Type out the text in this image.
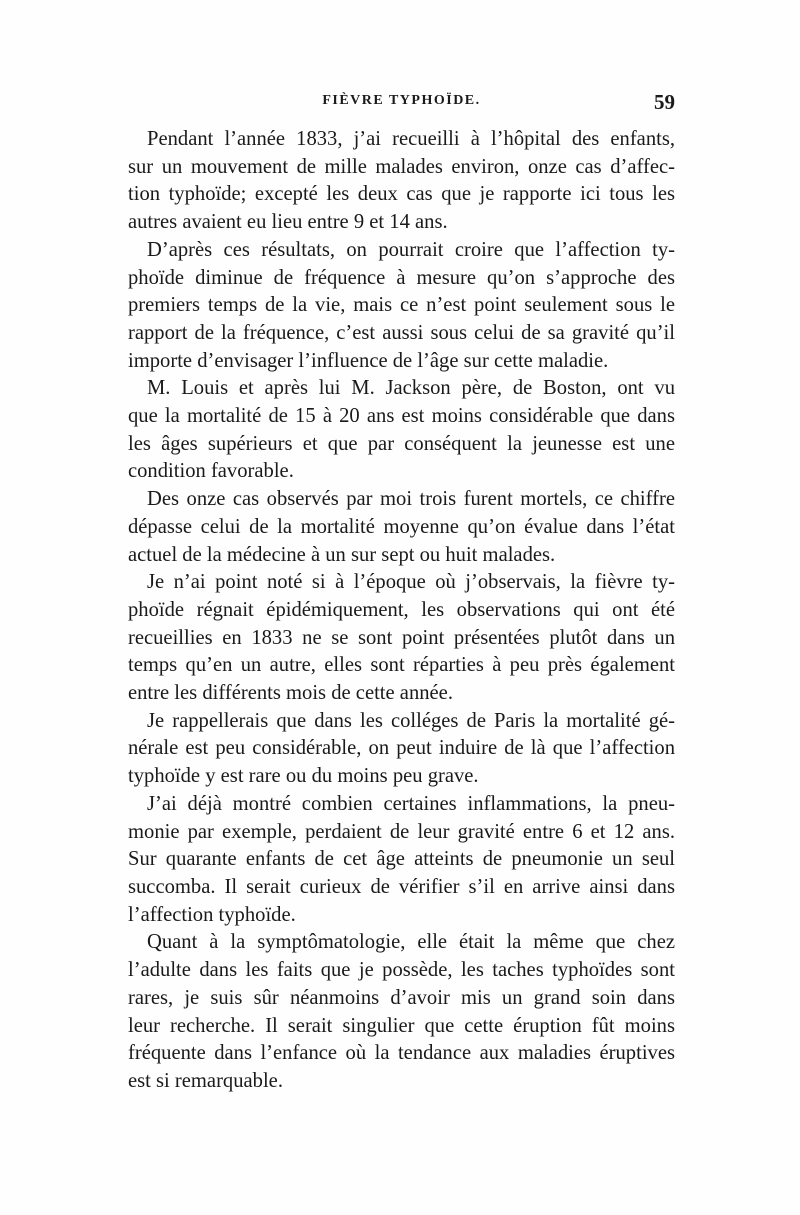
FIÈVRE TYPHOÏDE.	59

Pendant l’année 1833, j’ai recueilli à l’hôpital des enfants,
sur un mouvement de mille malades environ, onze cas d’affec-
tion typhoïde; excepté les deux cas que je rapporte ici tous les
autres avaient eu lieu entre 9 et 14 ans.

D’après ces résultats, on pourrait croire que l’affection ty-
phoïde diminue de fréquence à mesure qu’on s’approche des
premiers temps de la vie, mais ce n’est point seulement sous le
rapport de la fréquence, c’est aussi sous celui de sa gravité qu’il
importe d’envisager l’influence de l’âge sur cette maladie.

M. Louis et après lui M. Jackson père, de Boston, ont vu
que la mortalité de 15 à 20 ans est moins considérable que dans
les âges supérieurs et que par conséquent la jeunesse est une
condition favorable.

Des onze cas observés par moi trois furent mortels, ce chiffre
dépasse celui de la mortalité moyenne qu’on évalue dans l’état
actuel de la médecine à un sur sept ou huit malades.

Je n’ai point noté si à l’époque où j’observais, la fièvre ty-
phoïde régnait épidémiquement, les observations qui ont été
recueillies en 1833 ne se sont point présentées plutôt dans un
temps qu’en un autre, elles sont réparties à peu près également
entre les différents mois de cette année.

Je rappellerais que dans les colléges de Paris la mortalité gé-
nérale est peu considérable, on peut induire de là que l’affection
typhoïde y est rare ou du moins peu grave.

J’ai déjà montré combien certaines inflammations, la pneu-
monie par exemple, perdaient de leur gravité entre 6 et 12 ans.
Sur quarante enfants de cet âge atteints de pneumonie un seul
succomba. Il serait curieux de vérifier s’il en arrive ainsi dans
l’affection typhoïde.

Quant à la symptômatologie, elle était la même que chez
l’adulte dans les faits que je possède, les taches typhoïdes sont
rares, je suis sûr néanmoins d’avoir mis un grand soin dans
leur recherche. Il serait singulier que cette éruption fût moins
fréquente dans l’enfance où la tendance aux maladies éruptives
est si remarquable.
